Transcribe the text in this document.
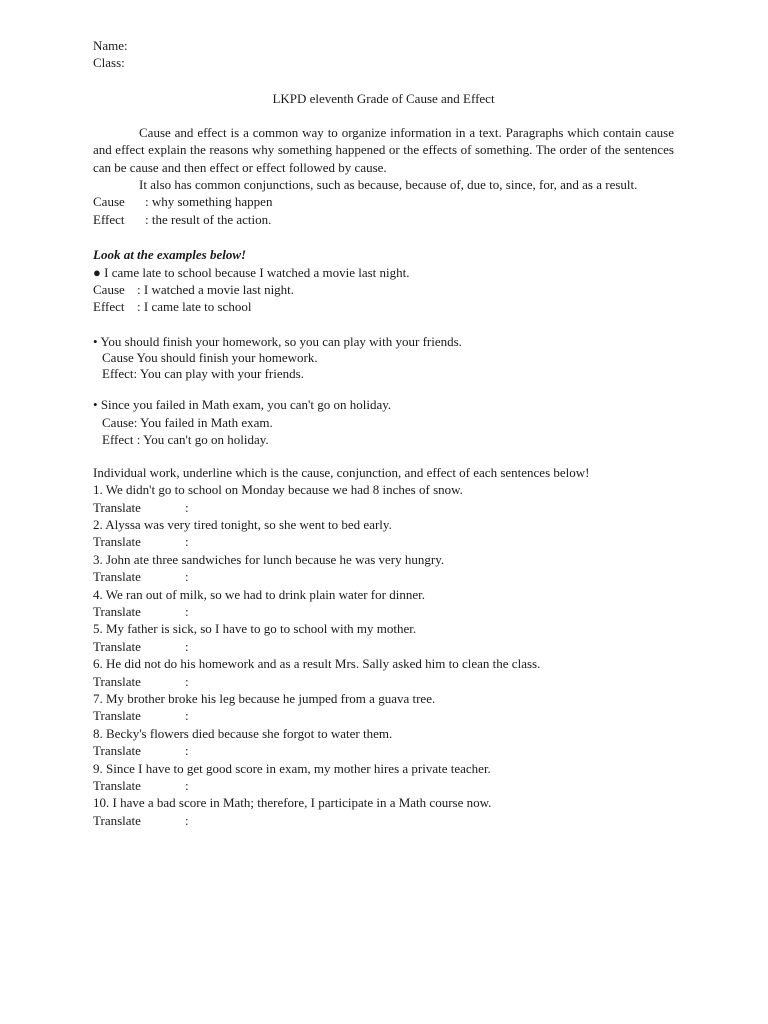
Name:
Class:
LKPD eleventh Grade of Cause and Effect
Cause and effect is a common way to organize information in a text. Paragraphs which contain cause and effect explain the reasons why something happened or the effects of something. The order of the sentences can be cause and then effect or effect followed by cause.
It also has common conjunctions, such as because, because of, due to, since, for, and as a result.
Cause : why something happen
Effect : the result of the action.
Look at the examples below!
● I came late to school because I watched a movie last night.
Cause : I watched a movie last night.
Effect : I came late to school
• You should finish your homework, so you can play with your friends.
Cause You should finish your homework.
Effect: You can play with your friends.
• Since you failed in Math exam, you can't go on holiday.
Cause: You failed in Math exam.
Effect : You can't go on holiday.
Individual work, underline which is the cause, conjunction, and effect of each sentences below!
1. We didn't go to school on Monday because we had 8 inches of snow.
Translate	:
2. Alyssa was very tired tonight, so she went to bed early.
Translate	:
3. John ate three sandwiches for lunch because he was very hungry.
Translate	:
4. We ran out of milk, so we had to drink plain water for dinner.
Translate	:
5. My father is sick, so I have to go to school with my mother.
Translate	:
6. He did not do his homework and as a result Mrs. Sally asked him to clean the class.
Translate	:
7. My brother broke his leg because he jumped from a guava tree.
Translate	:
8. Becky's flowers died because she forgot to water them.
Translate	:
9. Since I have to get good score in exam, my mother hires a private teacher.
Translate	:
10. I have a bad score in Math; therefore, I participate in a Math course now.
Translate	:
